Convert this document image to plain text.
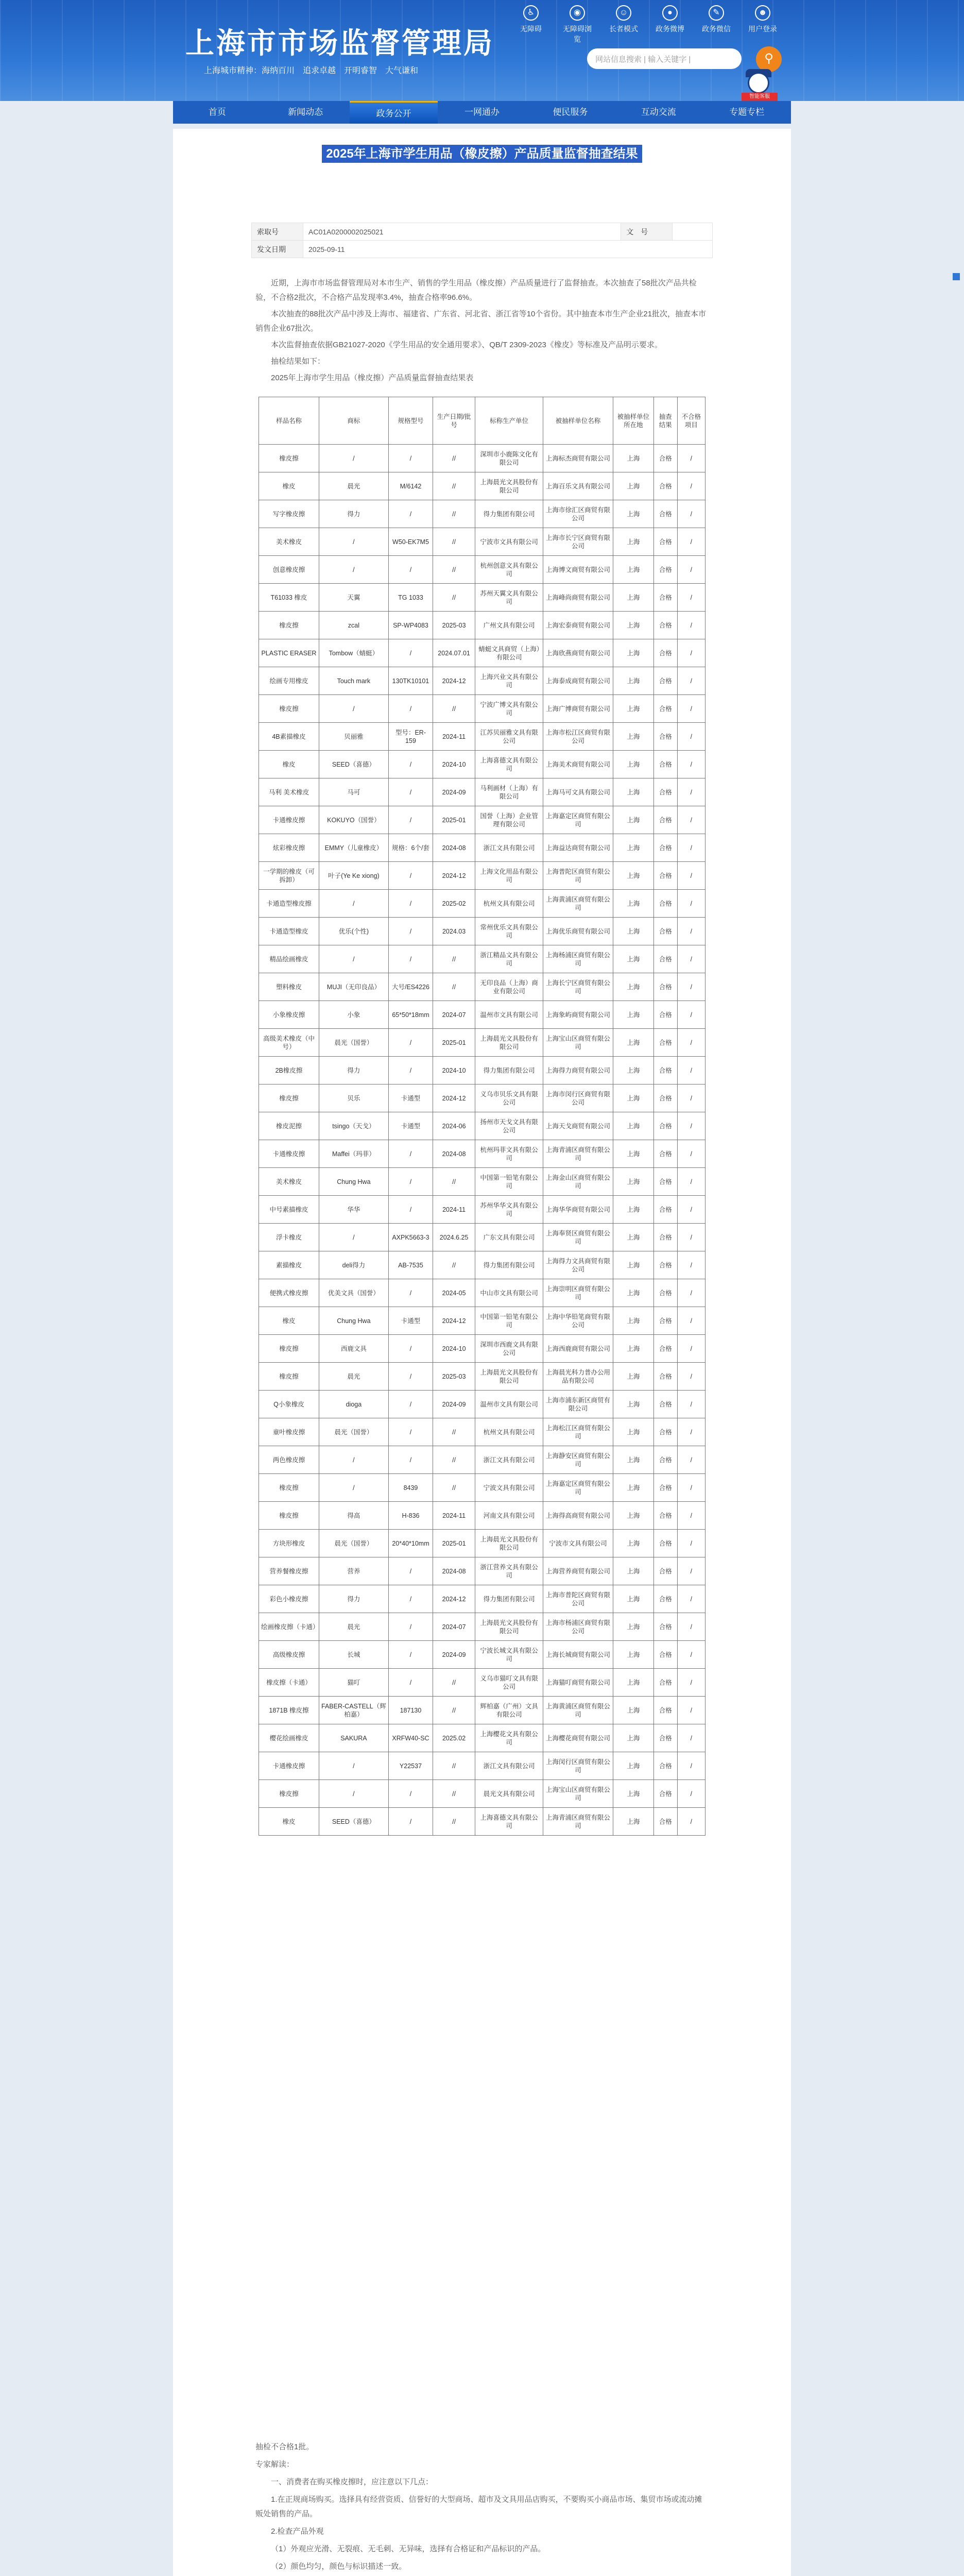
上海市市场监督管理局
上海城市精神：海纳百川　追求卓越　开明睿智　大气谦和
♿
无障碍
◉
无障碍浏览
☺
长者模式
●
政务微博
✎
政务微信
☻
用户登录
网站信息搜索 | 输入关键字 |	⚲
智能客服
首页	新闻动态	政务公开	一网通办	便民服务	互动交流	专题专栏
2025年上海市学生用品（橡皮擦）产品质量监督抽查结果
索取号	AC01A0200002025021	文　号	
发文日期	2025-09-11		

近期，上海市市场监督管理局对本市生产、销售的学生用品（橡皮擦）产品质量进行了监督抽查。本次抽查了58批次产品共检验，不合格2批次，不合格产品发现率3.4%，抽查合格率96.6%。

本次抽查的88批次产品中涉及上海市、福建省、广东省、河北省、浙江省等10个省份。其中抽查本市生产企业21批次，抽查本市销售企业67批次。

本次监督抽查依据GB21027-2020《学生用品的安全通用要求》、QB/T 2309-2023《橡皮》等标准及产品明示要求。

抽检结果如下：

2025年上海市学生用品（橡皮擦）产品质量监督抽查结果表

样品名称	商标	规格型号	生产日期/批号	标称生产单位	被抽样单位名称	被抽样单位所在地	抽查结果	不合格项目
橡皮擦	/	/	//	深圳市小鹿陈文化有限公司	上海标杰商贸有限公司	上海	合格	/
橡皮	晨光	M/6142	//	上海晨光文具股份有限公司	上海百乐文具有限公司	上海	合格	/
写字橡皮擦	得力	/	//	得力集团有限公司	上海市徐汇区商贸有限公司	上海	合格	/
美术橡皮	/	W50-EK7M5	//	宁波市文具有限公司	上海市长宁区商贸有限公司	上海	合格	/
创意橡皮擦	/	/	//	杭州创意文具有限公司	上海博文商贸有限公司	上海	合格	/
T61033 橡皮	天翼	TG 1033	//	苏州天翼文具有限公司	上海峰尚商贸有限公司	上海	合格	/
橡皮擦	zcal	SP-WP4083	2025-03	广州文具有限公司	上海宏泰商贸有限公司	上海	合格	/
PLASTIC ERASER	Tombow（蜻蜓）	/	2024.07.01	蜻蜓文具商贸（上海）有限公司	上海欣燕商贸有限公司	上海	合格	/
绘画专用橡皮	Touch mark	130TK10101	2024-12	上海兴业文具有限公司	上海泰成商贸有限公司	上海	合格	/
橡皮擦	/	/	//	宁波广博文具有限公司	上海广博商贸有限公司	上海	合格	/
4B素描橡皮	贝丽雅	型号：ER-159	2024-11	江苏贝丽雅文具有限公司	上海市松江区商贸有限公司	上海	合格	/
橡皮	SEED（喜德）	/	2024-10	上海喜德文具有限公司	上海美术商贸有限公司	上海	合格	/
马利 美术橡皮	马可	/	2024-09	马利画材（上海）有限公司	上海马可文具有限公司	上海	合格	/
卡通橡皮擦	KOKUYO（国誉）	/	2025-01	国誉（上海）企业管理有限公司	上海嘉定区商贸有限公司	上海	合格	/
炫彩橡皮擦	EMMY（儿童橡皮）	规格：6个/套	2024-08	浙江文具有限公司	上海益达商贸有限公司	上海	合格	/
一学期的橡皮（可拆卸）	叶子(Ye Ke xiong)	/	2024-12	上海文化用品有限公司	上海普陀区商贸有限公司	上海	合格	/
卡通造型橡皮擦	/	/	2025-02	杭州文具有限公司	上海黄浦区商贸有限公司	上海	合格	/
卡通造型橡皮	优乐(个性)	/	2024.03	常州优乐文具有限公司	上海优乐商贸有限公司	上海	合格	/
精品绘画橡皮	/	/	//	浙江精品文具有限公司	上海杨浦区商贸有限公司	上海	合格	/
塑料橡皮	MUJI（无印良品）	大号/ES4226	//	无印良品（上海）商业有限公司	上海长宁区商贸有限公司	上海	合格	/
小象橡皮擦	小象	65*50*18mm	2024-07	温州市文具有限公司	上海象屿商贸有限公司	上海	合格	/
高级美术橡皮（中号）	晨光（国誉）	/	2025-01	上海晨光文具股份有限公司	上海宝山区商贸有限公司	上海	合格	/
2B橡皮擦	得力	/	2024-10	得力集团有限公司	上海得力商贸有限公司	上海	合格	/
橡皮擦	贝乐	卡通型	2024-12	义乌市贝乐文具有限公司	上海市闵行区商贸有限公司	上海	合格	/
橡皮泥擦	tsingo（天戈）	卡通型	2024-06	扬州市天戈文具有限公司	上海天戈商贸有限公司	上海	合格	/
卡通橡皮擦	Maffei（玛菲）	/	2024-08	杭州玛菲文具有限公司	上海青浦区商贸有限公司	上海	合格	/
美术橡皮	Chung Hwa	/	//	中国第一铅笔有限公司	上海金山区商贸有限公司	上海	合格	/
中号素描橡皮	华华	/	2024-11	苏州华华文具有限公司	上海华华商贸有限公司	上海	合格	/
浮卡橡皮	/	AXPK5663-3	2024.6.25	广东文具有限公司	上海奉贤区商贸有限公司	上海	合格	/
素描橡皮	deli得力	AB-7535	//	得力集团有限公司	上海得力文具商贸有限公司	上海	合格	/
便携式橡皮擦	优美文具（国誉）	/	2024-05	中山市文具有限公司	上海崇明区商贸有限公司	上海	合格	/
橡皮	Chung Hwa	卡通型	2024-12	中国第一铅笔有限公司	上海中华铅笔商贸有限公司	上海	合格	/
橡皮擦	西鹿文具	/	2024-10	深圳市西鹿文具有限公司	上海西鹿商贸有限公司	上海	合格	/
橡皮擦	晨光	/	2025-03	上海晨光文具股份有限公司	上海晨光科力普办公用品有限公司	上海	合格	/
Q小象橡皮	dioga	/	2024-09	温州市文具有限公司	上海市浦东新区商贸有限公司	上海	合格	/
童叶橡皮擦	晨光（国誉）	/	//	杭州文具有限公司	上海松江区商贸有限公司	上海	合格	/
两色橡皮擦	/	/	//	浙江文具有限公司	上海静安区商贸有限公司	上海	合格	/
橡皮擦	/	8439	//	宁波文具有限公司	上海嘉定区商贸有限公司	上海	合格	/
橡皮擦	得高	H-836	2024-11	河南文具有限公司	上海得高商贸有限公司	上海	合格	/
方块形橡皮	晨光（国誉）	20*40*10mm	2025-01	上海晨光文具股份有限公司	宁波市文具有限公司	上海	合格	/
营养餐橡皮擦	营养	/	2024-08	浙江营养文具有限公司	上海营养商贸有限公司	上海	合格	/
彩色小橡皮擦	得力	/	2024-12	得力集团有限公司	上海市普陀区商贸有限公司	上海	合格	/
绘画橡皮擦（卡通）	晨光	/	2024-07	上海晨光文具股份有限公司	上海市杨浦区商贸有限公司	上海	合格	/
高级橡皮擦	长城	/	2024-09	宁波长城文具有限公司	上海长城商贸有限公司	上海	合格	/
橡皮擦（卡通）	猫叮	/	//	义乌市猫叮文具有限公司	上海猫叮商贸有限公司	上海	合格	/
1871B 橡皮擦	FABER-CASTELL（辉柏嘉）	187130	//	辉柏嘉（广州）文具有限公司	上海黄浦区商贸有限公司	上海	合格	/
樱花绘画橡皮	SAKURA	XRFW40-SC	2025.02	上海樱花文具有限公司	上海樱花商贸有限公司	上海	合格	/
卡通橡皮擦	/	Y22537	//	浙江文具有限公司	上海闵行区商贸有限公司	上海	合格	/
橡皮擦	/	/	//	晨光文具有限公司	上海宝山区商贸有限公司	上海	合格	/
橡皮	SEED（喜德）	/	//	上海喜德文具有限公司	上海青浦区商贸有限公司	上海	合格	/

抽检不合格1批。

专家解读：

一、消费者在购买橡皮擦时，应注意以下几点：

1.在正规商场购买。选择具有经营资质、信誉好的大型商场、超市及文具用品店购买，不要购买小商品市场、集贸市场或流动摊贩处销售的产品。

2.检查产品外观

（1）外观应光滑、无裂痕、无毛刺、无异味，选择有合格证和产品标识的产品。

（2）颜色均匀，颜色与标识描述一致。
